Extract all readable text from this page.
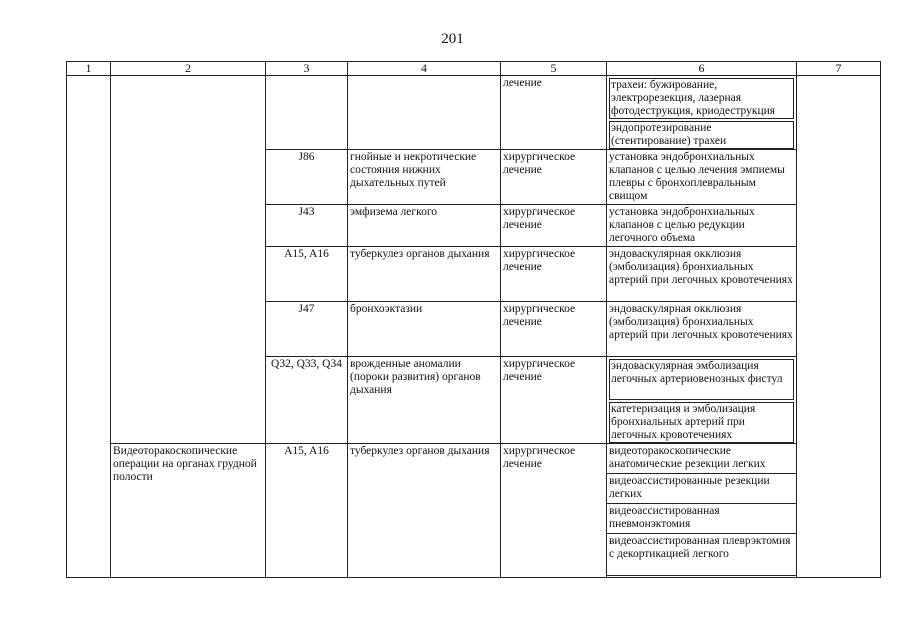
201
1	2	3	4	5	6	7
				лечение	трахеи: бужирование, электрорезекция, лазерная фотодеструкция, криодеструкция
эндопротезирование (стентирование) трахеи	

		J86	гнойные и некротические состояния нижних дыхательных путей	хирургическое лечение	установка эндобронхиальных клапанов с целью лечения эмпиемы плевры с бронхоплевральным свищом	
		J43	эмфизема легкого	хирургическое лечение	установка эндобронхиальных клапанов с целью редукции легочного объема	
		A15, A16	туберкулез органов дыхания	хирургическое лечение	эндоваскулярная окклюзия (эмболизация) бронхиальных артерий при легочных кровотечениях	
		J47	бронхоэктазии	хирургическое лечение	эндоваскулярная окклюзия (эмболизация) бронхиальных артерий при легочных кровотечениях	
		Q32, Q33, Q34	врожденные аномалии (пороки развития) органов дыхания	хирургическое лечение	эндоваскулярная эмболизация легочных артериовенозных фистул
катетеризация и эмболизация бронхиальных артерий при легочных кровотечениях	

	Видеоторакоскопические операции на органах грудной полости	A15, A16	туберкулез органов дыхания	хирургическое лечение	видеоторакоскопические анатомические резекции легких	
					видеоассистированные резекции легких	
					видеоассистированная пневмонэктомия	
					видеоассистированная плеврэктомия с декортикацией легкого	
